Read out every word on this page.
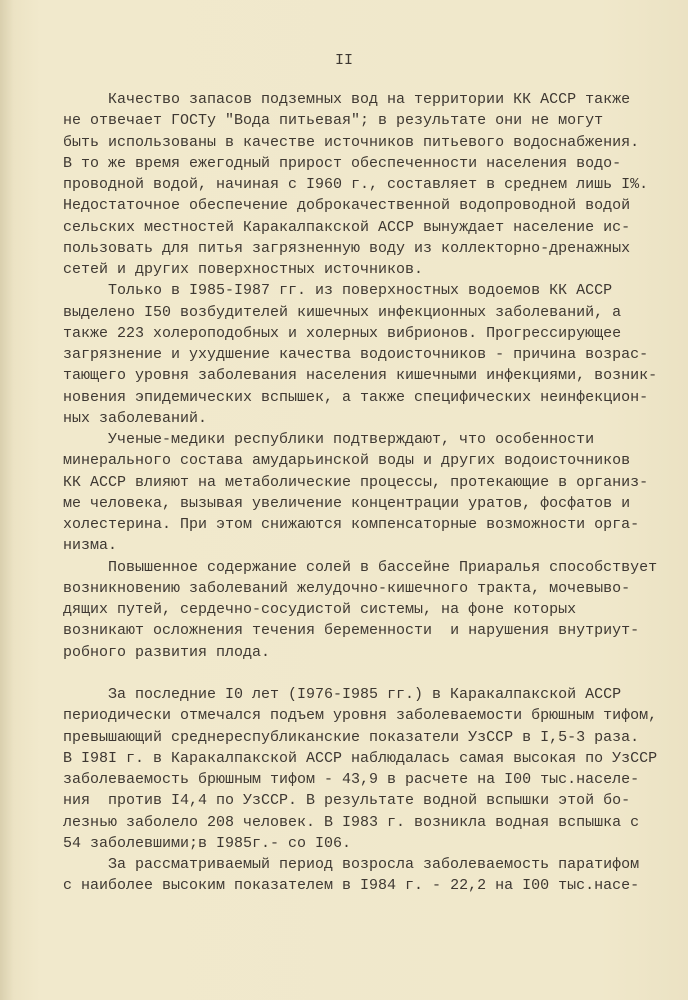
II
Качество запасов подземных вод на территории КК АССР также
не отвечает ГОСТу "Вода питьевая"; в результате они не могут
быть использованы в качестве источников питьевого водоснабжения.
В то же время ежегодный прирост обеспеченности населения водо-
проводной водой, начиная с I960 г., составляет в среднем лишь I%.
Недостаточное обеспечение доброкачественной водопроводной водой
сельских местностей Каракалпакской АССР вынуждает население ис-
пользовать для питья загрязненную воду из коллекторно-дренажных
сетей и других поверхностных источников.
Только в I985-I987 гг. из поверхностных водоемов КК АССР
выделено I50 возбудителей кишечных инфекционных заболеваний, а
также 223 холероподобных и холерных вибрионов. Прогрессирующее
загрязнение и ухудшение качества водоисточников - причина возрас-
тающего уровня заболевания населения кишечными инфекциями, возник-
новения эпидемических вспышек, а также специфических неинфекцион-
ных заболеваний.
Ученые-медики республики подтверждают, что особенности
минерального состава амударьинской воды и других водоисточников
КК АССР влияют на метаболические процессы, протекающие в организ-
ме человека, вызывая увеличение концентрации уратов, фосфатов и
холестерина. При этом снижаются компенсаторные возможности орга-
низма.
Повышенное содержание солей в бассейне Приаралья способствует
возникновению заболеваний желудочно-кишечного тракта, мочевыво-
дящих путей, сердечно-сосудистой системы, на фоне которых
возникают осложнения течения беременности  и нарушения внутриут-
робного развития плода.
За последние I0 лет (I976-I985 гг.) в Каракалпакской АССР
периодически отмечался подъем уровня заболеваемости брюшным тифом,
превышающий среднереспубликанские показатели УзССР в I,5-3 раза.
В I98I г. в Каракалпакской АССР наблюдалась самая высокая по УзССР
заболеваемость брюшным тифом - 43,9 в расчете на I00 тыс.населе-
ния  против I4,4 по УзССР. В результате водной вспышки этой бо-
лезнью заболело 208 человек. В I983 г. возникла водная вспышка с
54 заболевшими;в I985г.- со I06.
За рассматриваемый период возросла заболеваемость паратифом
с наиболее высоким показателем в I984 г. - 22,2 на I00 тыс.насе-
